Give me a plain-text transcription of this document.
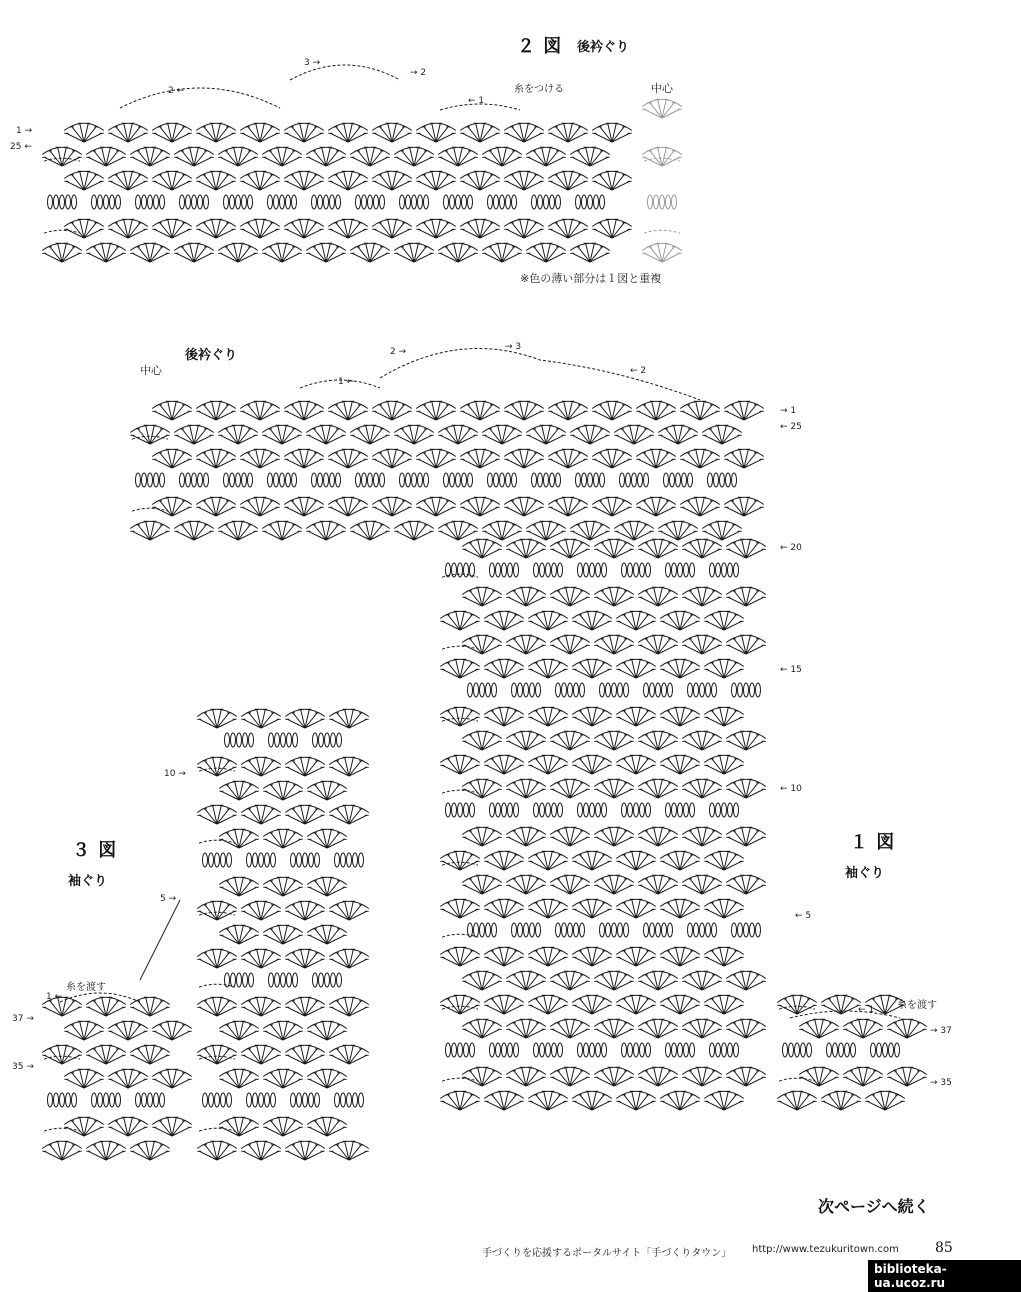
２ 図 後衿ぐり
中心
糸をつける
※色の薄い部分は１図と重複
1 →
25 ←
2 ←
3 →
→ 2
← 1
後衿ぐり
中心
１ 図
袖ぐり
糸を渡す
2 →	→ 3
1 ←
← 2
→ 1
← 25
← 20
← 15
← 10
← 5
← 1
→ 37
→ 35
３ 図
袖ぐり
糸を渡す
10 →
5 →
1 ←
37 →
35 →
次ページへ続く
手づくりを応援するポータルサイト「手づくりタウン」 http://www.tezukuritown.com	85
biblioteka-ua.ucoz.ru
